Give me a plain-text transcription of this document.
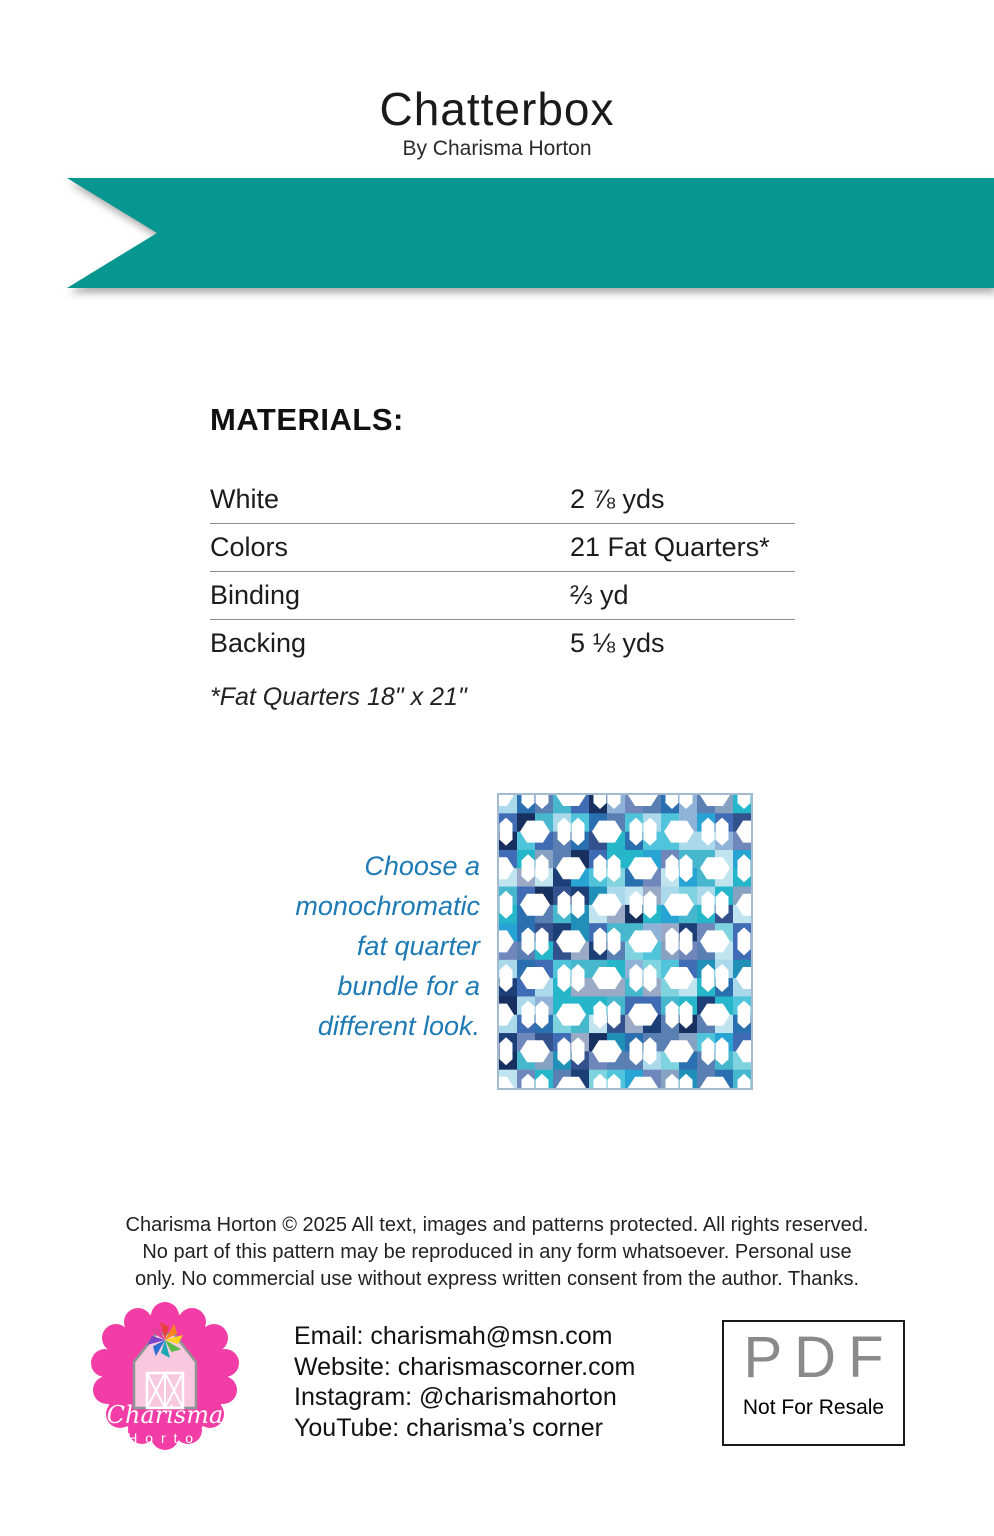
Chatterbox
By Charisma Horton
MATERIALS:
White	2 ⅞ yds
Colors	21 Fat Quarters*
Binding	⅔ yd
Backing	5 ⅛ yds
*Fat Quarters 18" x 21"
Choose a
monochromatic
fat quarter
bundle for a
different look.
Charisma Horton © 2025 All text, images and patterns protected. All rights reserved.
No part of this pattern may be reproduced in any form whatsoever. Personal use
only. No commercial use without express written consent from the author. Thanks.
Charisma
H o r t o n
Email: charismah@msn.com
Website: charismascorner.com
Instagram: @charismahorton
YouTube: charisma’s corner
PDF
Not For Resale
